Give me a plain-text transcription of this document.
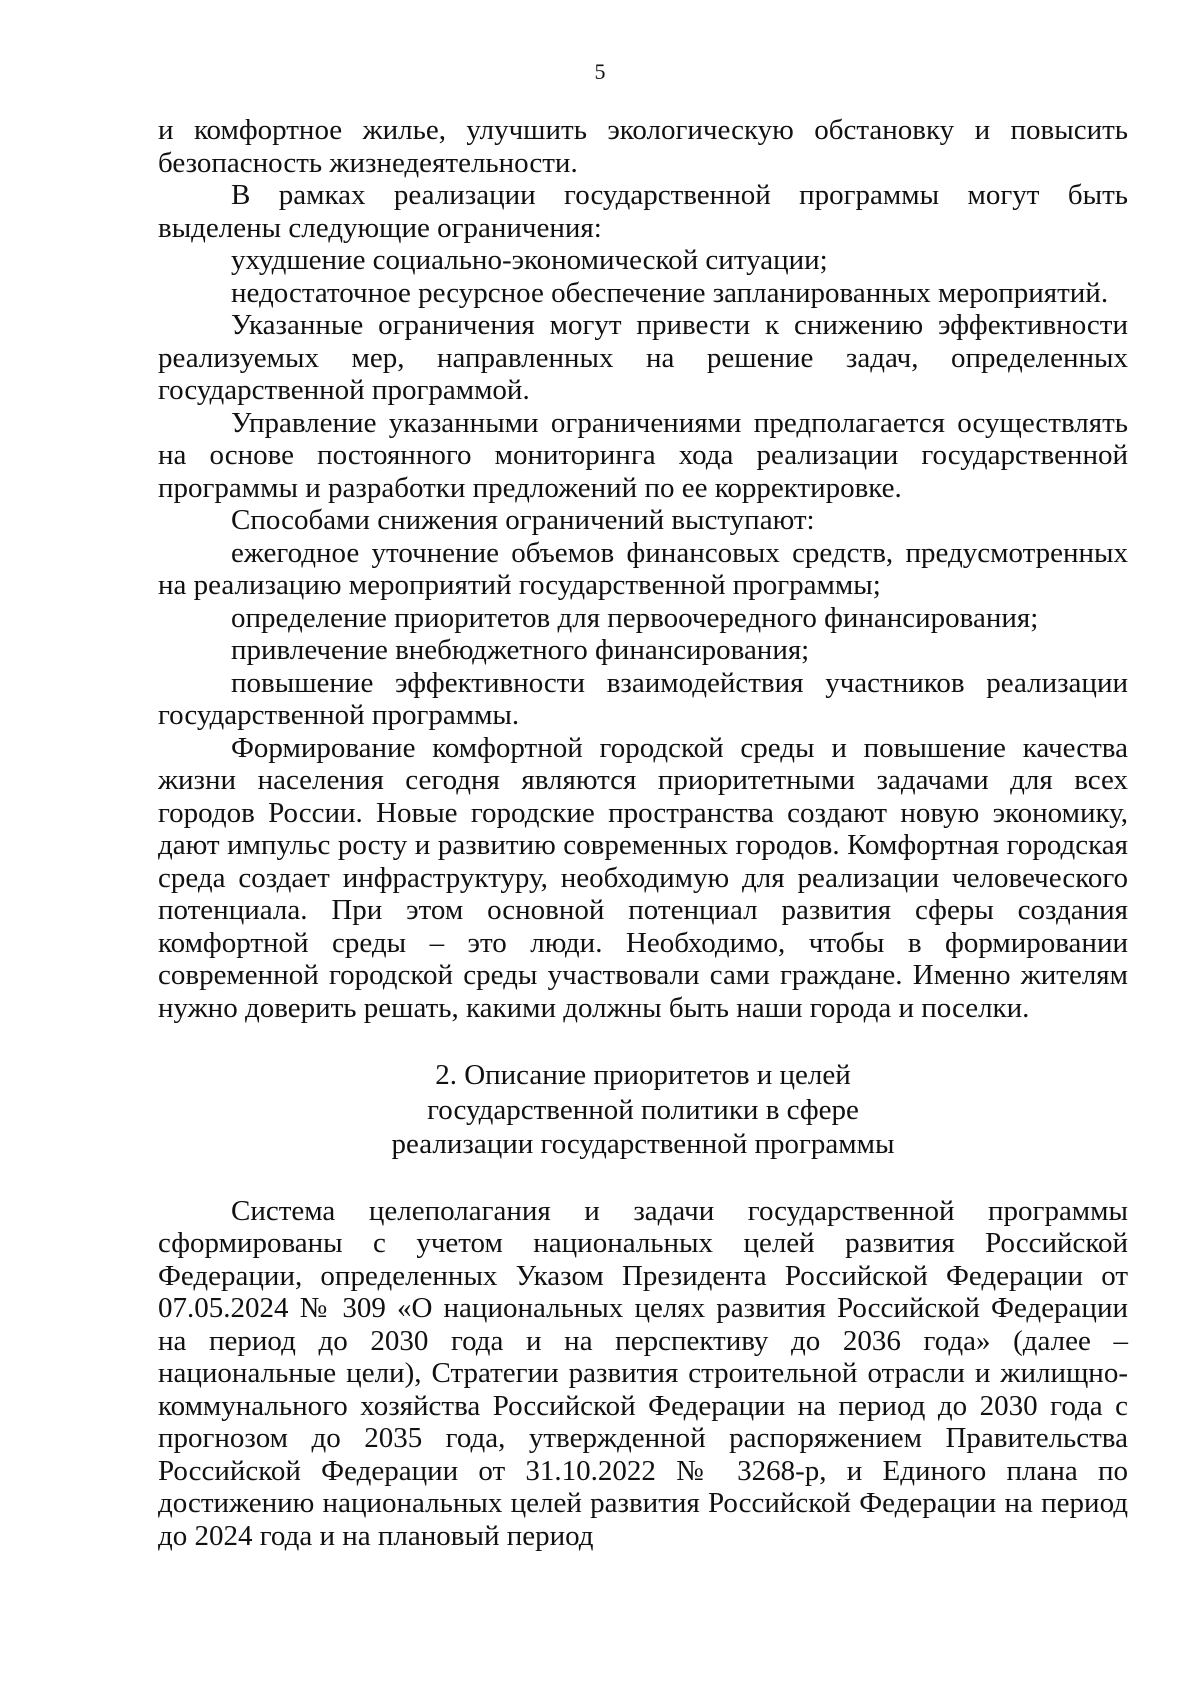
5

и комфортное жилье, улучшить экологическую обстановку и повысить безопасность жизнедеятельности.

В рамках реализации государственной программы могут быть выделены следующие ограничения:

ухудшение социально-экономической ситуации;

недостаточное ресурсное обеспечение запланированных мероприятий.

Указанные ограничения могут привести к снижению эффективности реализуемых мер, направленных на решение задач, определенных государственной программой.

Управление указанными ограничениями предполагается осуществлять на основе постоянного мониторинга хода реализации государственной программы и разработки предложений по ее корректировке.

Способами снижения ограничений выступают:

ежегодное уточнение объемов финансовых средств, предусмотренных на реализацию мероприятий государственной программы;

определение приоритетов для первоочередного финансирования;

привлечение внебюджетного финансирования;

повышение эффективности взаимодействия участников реализации государственной программы.

Формирование комфортной городской среды и повышение качества жизни населения сегодня являются приоритетными задачами для всех городов России. Новые городские пространства создают новую экономику, дают импульс росту и развитию современных городов. Комфортная городская среда создает инфраструктуру, необходимую для реализации человеческого потенциала. При этом основной потенциал развития сферы создания комфортной среды – это люди. Необходимо, чтобы в формировании современной городской среды участвовали сами граждане. Именно жителям нужно доверить решать, какими должны быть наши города и поселки.

2. Описание приоритетов и целей
государственной политики в сфере
реализации государственной программы

Система целеполагания и задачи государственной программы сформированы с учетом национальных целей развития Российской Федерации, определенных Указом Президента Российской Федерации от 07.05.2024 № 309 «О национальных целях развития Российской Федерации на период до 2030 года и на перспективу до 2036 года» (далее – национальные цели), Стратегии развития строительной отрасли и жилищно-коммунального хозяйства Российской Федерации на период до 2030 года с прогнозом до 2035 года, утвержденной распоряжением Правительства Российской Федерации от 31.10.2022 № 3268-р, и Единого плана по достижению национальных целей развития Российской Федерации на период до 2024 года и на плановый период
